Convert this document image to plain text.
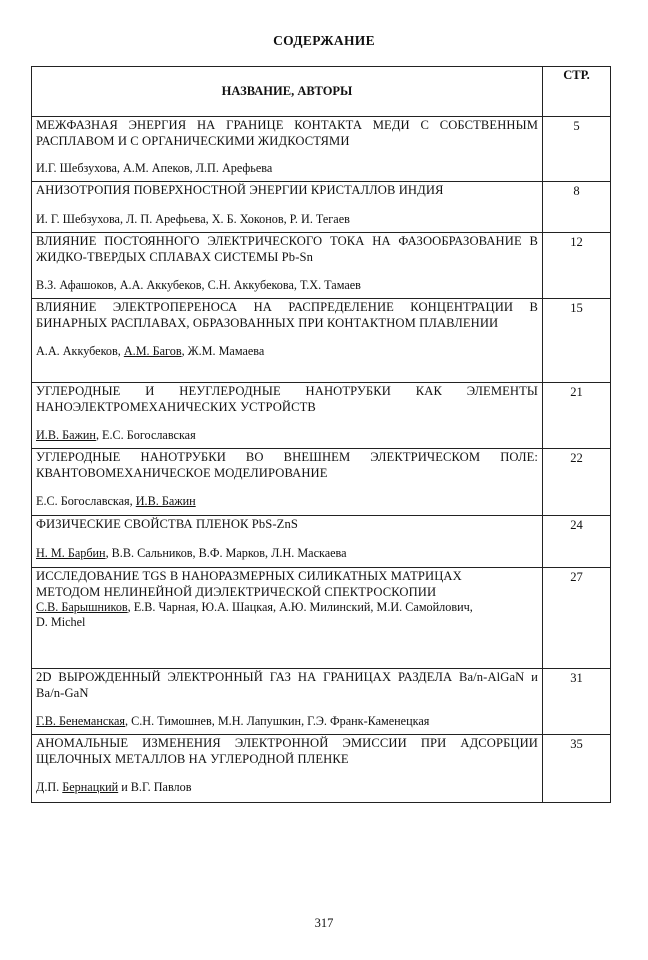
СОДЕРЖАНИЕ
НАЗВАНИЕ, АВТОРЫ	СТР.

МЕЖФАЗНАЯ ЭНЕРГИЯ НА ГРАНИЦЕ КОНТАКТА МЕДИ С СОБСТВЕННЫМ РАСПЛАВОМ И С ОРГАНИЧЕСКИМИ ЖИДКОСТЯМИ
И.Г. Шебзухова, А.М. Апеков, Л.П. Арефьева	5

АНИЗОТРОПИЯ ПОВЕРХНОСТНОЙ ЭНЕРГИИ КРИСТАЛЛОВ ИНДИЯ
И. Г. Шебзухова, Л. П. Арефьева, Х. Б. Хоконов, Р. И. Тегаев	8

ВЛИЯНИЕ ПОСТОЯННОГО ЭЛЕКТРИЧЕСКОГО ТОКА НА ФАЗООБРАЗОВАНИЕ В ЖИДКО-ТВЕРДЫХ СПЛАВАХ СИСТЕМЫ Pb-Sn
В.З. Афашоков, А.А. Аккубеков, С.Н. Аккубекова, Т.Х. Тамаев	12

ВЛИЯНИЕ ЭЛЕКТРОПЕРЕНОСА НА РАСПРЕДЕЛЕНИЕ КОНЦЕНТРАЦИИ В БИНАРНЫХ РАСПЛАВАХ, ОБРАЗОВАННЫХ ПРИ КОНТАКТНОМ ПЛАВЛЕНИИ
А.А. Аккубеков, А.М. Багов, Ж.М. Мамаева	15

УГЛЕРОДНЫЕ И НЕУГЛЕРОДНЫЕ НАНОТРУБКИ КАК ЭЛЕМЕНТЫ НАНОЭЛЕКТРОМЕХАНИЧЕСКИХ УСТРОЙСТВ
И.В. Бажин, Е.С. Богославская	21

УГЛЕРОДНЫЕ НАНОТРУБКИ ВО ВНЕШНЕМ ЭЛЕКТРИЧЕСКОМ ПОЛЕ: КВАНТОВОМЕХАНИЧЕСКОЕ МОДЕЛИРОВАНИЕ
Е.С. Богославская, И.В. Бажин	22

ФИЗИЧЕСКИЕ СВОЙСТВА ПЛЕНОК PbS-ZnS
Н. М. Барбин, В.В. Сальников, В.Ф. Марков, Л.Н. Маскаева	24

ИССЛЕДОВАНИЕ TGS В НАНОРАЗМЕРНЫХ СИЛИКАТНЫХ МАТРИЦАХ
МЕТОДОМ НЕЛИНЕЙНОЙ ДИЭЛЕКТРИЧЕСКОЙ СПЕКТРОСКОПИИ
С.В. Барышников, Е.В. Чарная, Ю.А. Шацкая, А.Ю. Милинский, М.И. Самойлович,
D. Michel	27

2D ВЫРОЖДЕННЫЙ ЭЛЕКТРОННЫЙ ГАЗ НА ГРАНИЦАХ РАЗДЕЛА Ba/n-AlGaN и Ba/n-GaN
Г.В. Бенеманская, С.Н. Тимошнев, М.Н. Лапушкин, Г.Э. Франк-Каменецкая	31

АНОМАЛЬНЫЕ ИЗМЕНЕНИЯ ЭЛЕКТРОННОЙ ЭМИССИИ ПРИ АДСОРБЦИИ ЩЕЛОЧНЫХ МЕТАЛЛОВ НА УГЛЕРОДНОЙ ПЛЕНКЕ
Д.П. Бернацкий и В.Г. Павлов	35
317
